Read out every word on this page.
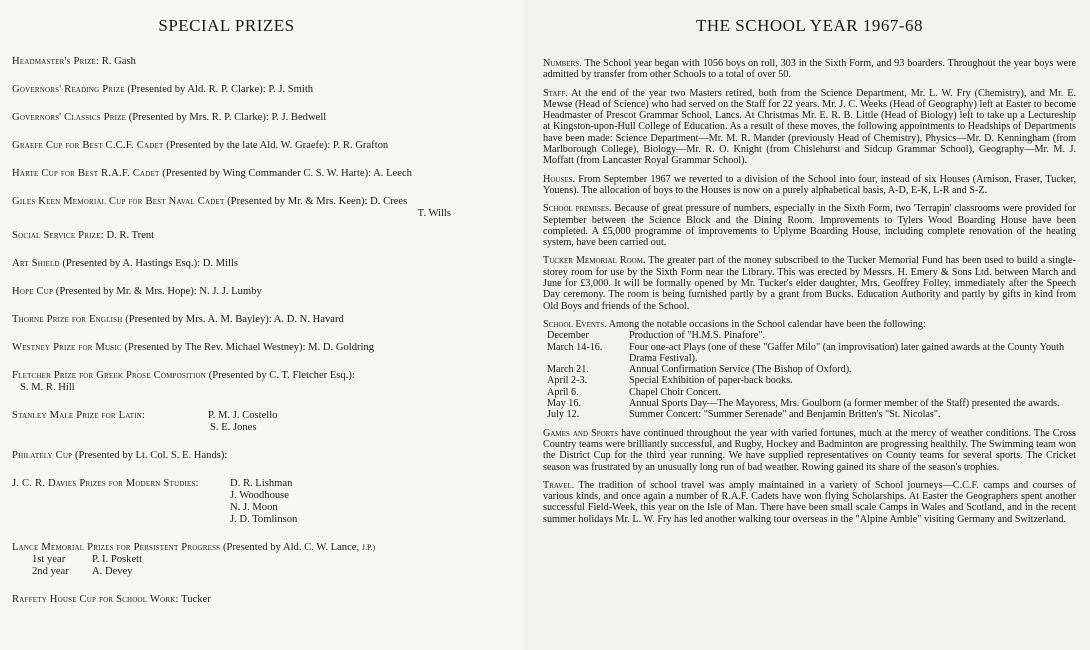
SPECIAL PRIZES
Headmaster's Prize: R. Gash
Governors' Reading Prize (Presented by Ald. R. P. Clarke): P. J. Smith
Governors' Classics Prize (Presented by Mrs. R. P. Clarke): P. J. Bedwell
Graefe Cup for Best C.C.F. Cadet (Presented by the late Ald. W. Graefe): P. R. Grafton
Harte Cup for Best R.A.F. Cadet (Presented by Wing Commander C. S. W. Harte): A. Leech
Giles Keen Memorial Cup for Best Naval Cadet (Presented by Mr. & Mrs. Keen): D. Crees
T. Wills
Social Service Prize: D. R. Trent
Art Shield (Presented by A. Hastings Esq.): D. Mills
Hope Cup (Presented by Mr. & Mrs. Hope): N. J. J. Lumby
Thorne Prize for English (Presented by Mrs. A. M. Bayley): A. D. N. Havard
Westney Prize for Music (Presented by The Rev. Michael Westney): M. D. Goldring
Fletcher Prize for Greek Prose Composition (Presented by C. T. Fletcher Esq.):
S. M. R. Hill
Stanley Male Prize for Latin:	P. M. J. Costello
S. E. Jones
Philately Cup (Presented by Lt. Col. S. E. Hands):
J. C. R. Davies Prizes for Modern Studies:	D. R. Lishman
J. Woodhouse
N. J. Moon
J. D. Tomlinson
Lance Memorial Prizes for Persistent Progress (Presented by Ald. C. W. Lance, J.P.)
1st year	P. I. Poskett
2nd year	A. Devey
Raffety House Cup for School Work: Tucker
THE SCHOOL YEAR 1967-68

Numbers. The School year began with 1056 boys on roll, 303 in the Sixth Form, and 93 boarders. Throughout the year boys were admitted by transfer from other Schools to a total of over 50.

Staff. At the end of the year two Masters retired, both from the Science Department, Mr. L. W. Fry (Chemistry), and Mr. E. Mewse (Head of Science) who had served on the Staff for 22 years. Mr. J. C. Weeks (Head of Geography) left at Easter to become Headmaster of Prescot Grammar School, Lancs. At Christmas Mr. E. R. B. Little (Head of Biology) left to take up a Lectureship at Kingston-upon-Hull College of Education. As a result of these moves, the following appointments to Headships of Departments have been made: Science Department—Mr. M. R. Mander (previously Head of Chemistry), Physics—Mr. D. Kenningham (from Marlborough College), Biology—Mr. R. O. Knight (from Chislehurst and Sidcup Grammar School), Geography—Mr. M. J. Moffatt (from Lancaster Royal Grammar School).

Houses. From September 1967 we reverted to a division of the School into four, instead of six Houses (Arnison, Fraser, Tucker, Youens). The allocation of boys to the Houses is now on a purely alphabetical basis, A-D, E-K, L-R and S-Z.

School premises. Because of great pressure of numbers, especially in the Sixth Form, two 'Terrapin' classrooms were provided for September between the Science Block and the Dining Room. Improvements to Tylers Wood Boarding House have been completed. A £5,000 programme of improvements to Uplyme Boarding House, including complete renovation of the heating system, have been carried out.

Tucker Memorial Room. The greater part of the money subscribed to the Tucker Memorial Fund has been used to build a single-storey room for use by the Sixth Form near the Library. This was erected by Messrs. H. Emery & Sons Ltd. between March and June for £3,000. It will be formally opened by Mr. Tucker's elder daughter, Mrs. Geoffrey Folley, immediately after the Speech Day ceremony. The room is being furnished partly by a grant from Bucks. Education Authority and partly by gifts in kind from Old Boys and friends of the School.

School Events. Among the notable occasions in the School calendar have been the following:

December	Production of "H.M.S. Pinafore".
March 14-16.	Four one-act Plays (one of these "Gaffer Milo" (an improvisation) later gained awards at the County Youth Drama Festival).
March 21.	Annual Confirmation Service (The Bishop of Oxford).
April 2-3.	Special Exhibition of paper-back books.
April 6.	Chapel Choir Concert.
May 16.	Annual Sports Day—The Mayoress, Mrs. Goulborn (a former member of the Staff) presented the awards.
July 12.	Summer Concert: "Summer Serenade" and Benjamin Britten's "St. Nicolas".

Games and Sports have continued throughout the year with varied fortunes, much at the mercy of weather conditions. The Cross Country teams were brilliantly successful, and Rugby, Hockey and Badminton are progressing healthily. The Swimming team won the District Cup for the third year running. We have supplied representatives on County teams for several sports. The Cricket season was frustrated by an unusually long run of bad weather. Rowing gained its share of the season's trophies.

Travel. The tradition of school travel was amply maintained in a variety of School journeys—C.C.F. camps and courses of various kinds, and once again a number of R.A.F. Cadets have won flying Scholarships. At Easter the Geographers spent another successful Field-Week, this year on the Isle of Man. There have been small scale Camps in Wales and Scotland, and in the recent summer holidays Mr. L. W. Fry has led another walking tour overseas in the "Alpine Amble" visiting Germany and Switzerland.
